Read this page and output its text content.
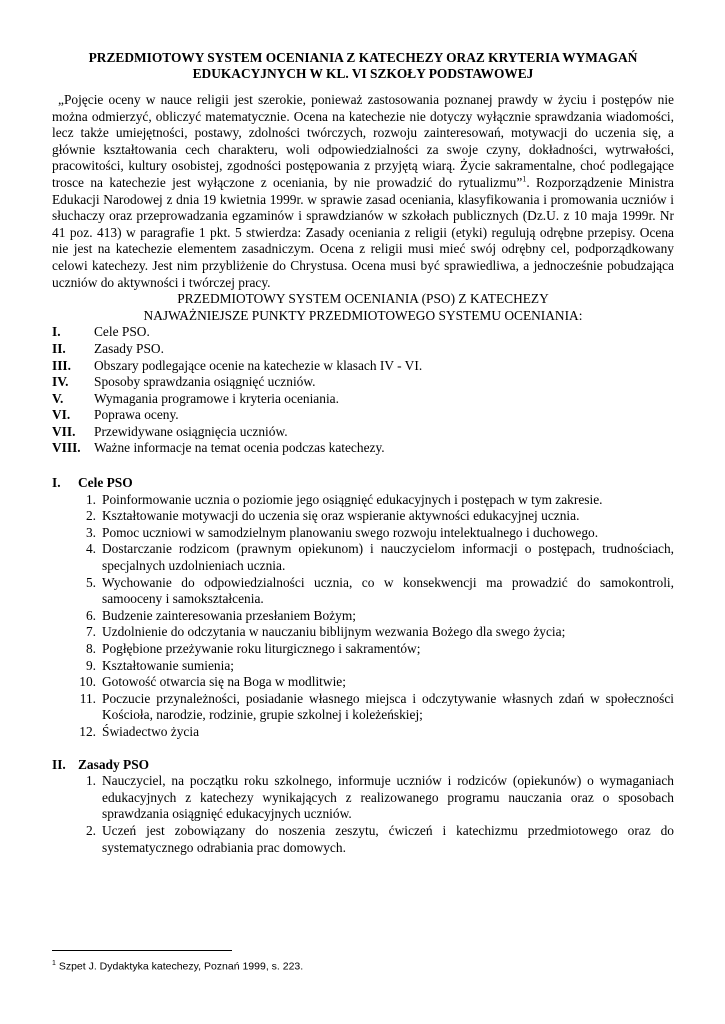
PRZEDMIOTOWY SYSTEM OCENIANIA Z KATECHEZY ORAZ KRYTERIA WYMAGAŃ
EDUKACYJNYCH W KL. VI SZKOŁY PODSTAWOWEJ

„Pojęcie oceny w nauce religii jest szerokie, ponieważ zastosowania poznanej prawdy w życiu i postępów nie można odmierzyć, obliczyć matematycznie. Ocena na katechezie nie dotyczy wyłącznie sprawdzania wiadomości, lecz także umiejętności, postawy, zdolności twórczych, rozwoju zainteresowań, motywacji do uczenia się, a głównie kształtowania cech charakteru, woli odpowiedzialności za swoje czyny, dokładności, wytrwałości, pracowitości, kultury osobistej, zgodności postępowania z przyjętą wiarą. Życie sakramentalne, choć podlegające trosce na katechezie jest wyłączone z oceniania, by nie prowadzić do rytualizmu”$^1$. Rozporządzenie Ministra Edukacji Narodowej z dnia 19 kwietnia 1999r. w sprawie zasad oceniania, klasyfikowania i promowania uczniów i słuchaczy oraz przeprowadzania egzaminów i sprawdzianów w szkołach publicznych (Dz.U. z 10 maja 1999r. Nr 41 poz. 413) w paragrafie 1 pkt. 5 stwierdza: Zasady oceniania z religii (etyki) regulują odrębne przepisy. Ocena nie jest na katechezie elementem zasadniczym. Ocena z religii musi mieć swój odrębny cel, podporządkowany celowi katechezy. Jest nim przybliżenie do Chrystusa. Ocena musi być sprawiedliwa, a jednocześnie pobudzająca uczniów do aktywności i twórczej pracy.

PRZEDMIOTOWY SYSTEM OCENIANIA (PSO) Z KATECHEZY

NAJWAŻNIEJSZE PUNKTY PRZEDMIOTOWEGO SYSTEMU OCENIANIA:

I.	Cele PSO.
II.	Zasady PSO.
III.	Obszary podlegające ocenie na katechezie w klasach IV - VI.
IV.	Sposoby sprawdzania osiągnięć uczniów.
V.	Wymagania programowe i kryteria oceniania.
VI.	Poprawa oceny.
VII.	Przewidywane osiągnięcia uczniów.
VIII. Ważne informacje na temat ocenia podczas katechezy.

I.	Cele PSO

1. Poinformowanie ucznia o poziomie jego osiągnięć edukacyjnych i postępach w tym zakresie.
2. Kształtowanie motywacji do uczenia się oraz wspieranie aktywności edukacyjnej ucznia.
3. Pomoc uczniowi w samodzielnym planowaniu swego rozwoju intelektualnego i duchowego.
4. Dostarczanie rodzicom (prawnym opiekunom) i nauczycielom informacji o postępach, trudnościach, specjalnych uzdolnieniach ucznia.
5. Wychowanie do odpowiedzialności ucznia, co w konsekwencji ma prowadzić do samokontroli, samooceny i samokształcenia.
6. Budzenie zainteresowania przesłaniem Bożym;
7. Uzdolnienie do odczytania w nauczaniu biblijnym wezwania Bożego dla swego życia;
8. Pogłębione przeżywanie roku liturgicznego i sakramentów;
9. Kształtowanie sumienia;
10. Gotowość otwarcia się na Boga w modlitwie;
11. Poczucie przynależności, posiadanie własnego miejsca i odczytywanie własnych zdań w społeczności Kościoła, narodzie, rodzinie, grupie szkolnej i koleżeńskiej;
12. Świadectwo życia

II. Zasady PSO

1. Nauczyciel, na początku roku szkolnego, informuje uczniów i rodziców (opiekunów) o wymaganiach edukacyjnych z katechezy wynikających z realizowanego programu nauczania oraz o sposobach sprawdzania osiągnięć edukacyjnych uczniów.
2. Uczeń jest zobowiązany do noszenia zeszytu, ćwiczeń i katechizmu przedmiotowego oraz do systematycznego odrabiania prac domowych.
$^1$ Szpet J. Dydaktyka katechezy, Poznań 1999, s. 223.
